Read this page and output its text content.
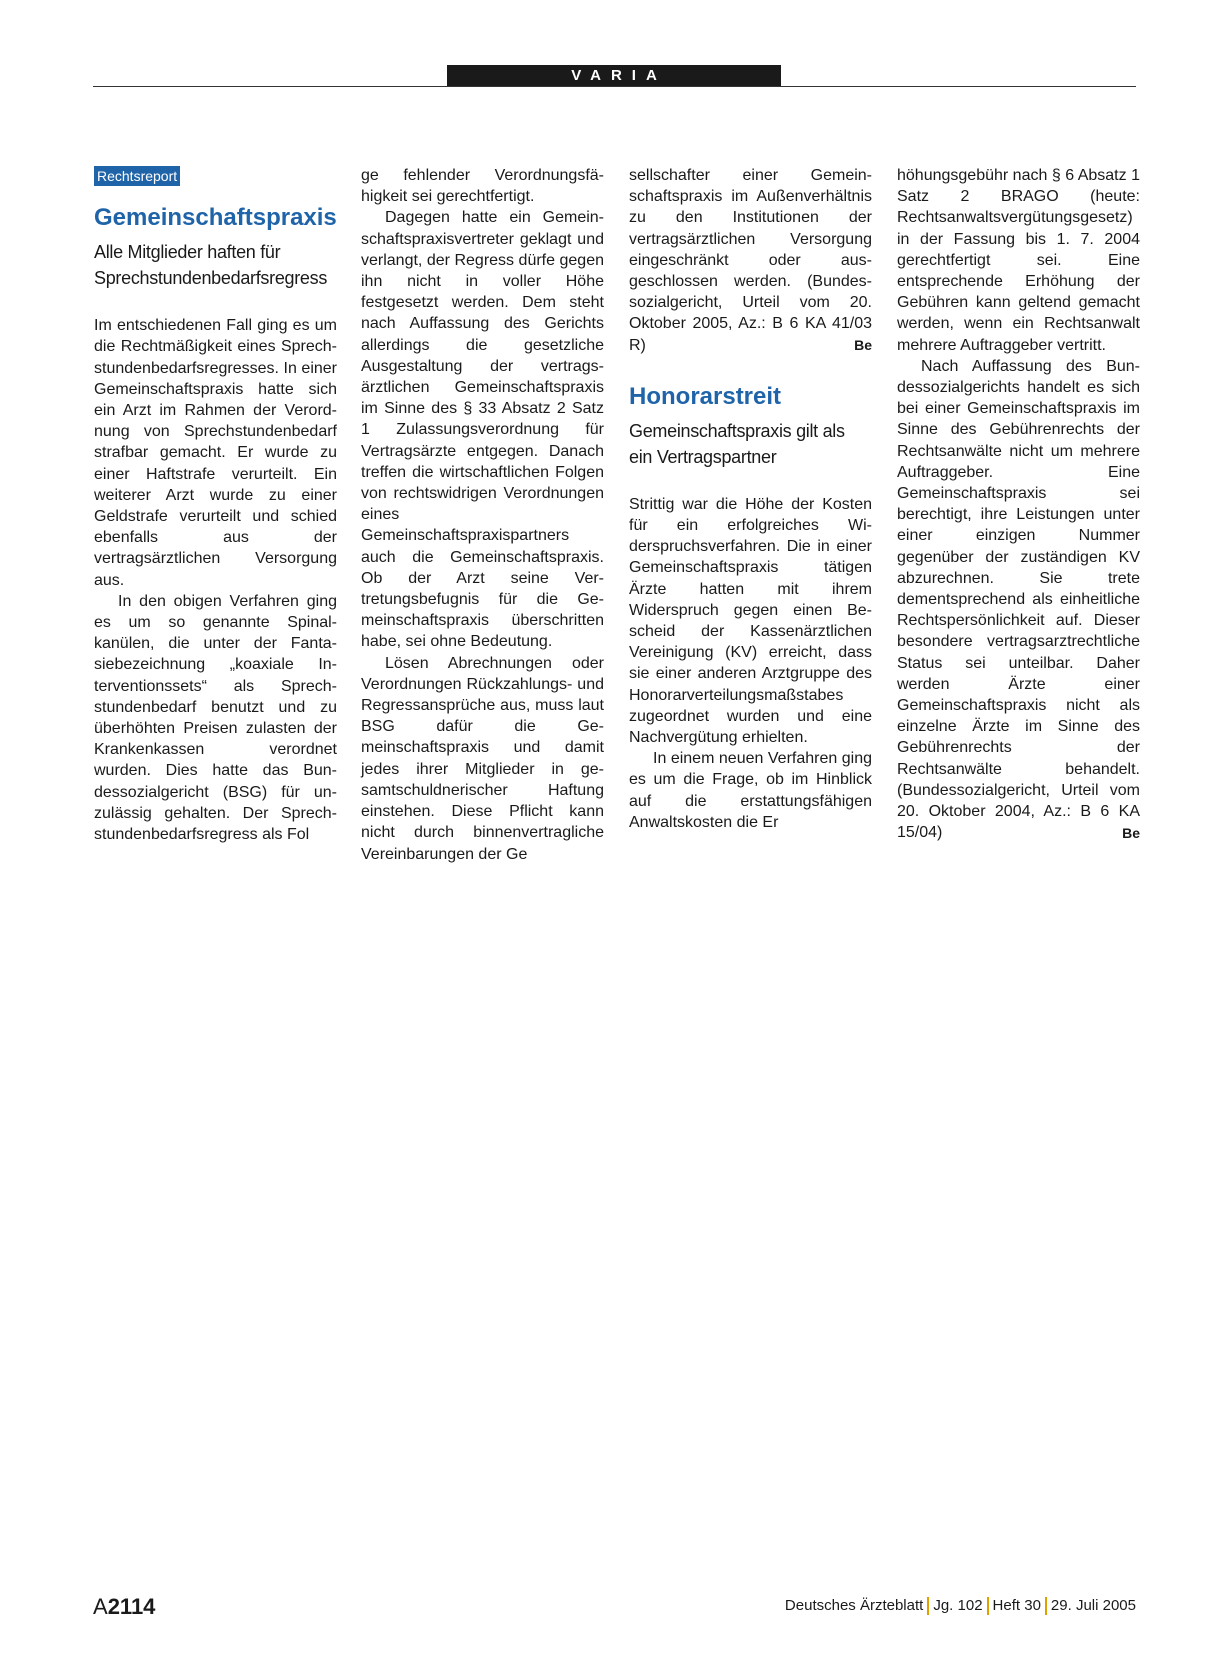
VARIA
Rechtsreport
Gemeinschaftspraxis
Alle Mitglieder haften für Sprechstundenbedarfsregress

Im entschiedenen Fall ging es um die Rechtmäßigkeit eines Sprechstundenbedarfsregresses. In einer Gemeinschaftspraxis hatte sich ein Arzt im Rahmen der Verordnung von Sprechstundenbedarf strafbar gemacht. Er wurde zu einer Haftstrafe verurteilt. Ein weiterer Arzt wurde zu einer Geldstrafe verurteilt und schied ebenfalls aus der vertragsärztlichen Versorgung aus.

In den obigen Verfahren ging es um so genannte Spinalkanülen, die unter der Fantasiebezeichnung „koaxiale Interventionssets“ als Sprechstundenbedarf benutzt und zu überhöhten Preisen zulasten der Krankenkassen verordnet wurden. Dies hatte das Bundessozialgericht (BSG) für unzulässig gehalten. Der Sprechstundenbedarfsregress als Fol

ge fehlender Verordnungsfähigkeit sei gerechtfertigt.

Dagegen hatte ein Gemeinschaftspraxisvertreter geklagt und verlangt, der Regress dürfe gegen ihn nicht in voller Höhe festgesetzt werden. Dem steht nach Auffassung des Gerichts allerdings die gesetzliche Ausgestaltung der vertragsärztlichen Gemeinschaftspraxis im Sinne des § 33 Absatz 2 Satz 1 Zulassungsverordnung für Vertragsärzte entgegen. Danach treffen die wirtschaftlichen Folgen von rechtswidrigen Verordnungen eines Gemeinschaftspraxispartners auch die Gemeinschaftspraxis. Ob der Arzt seine Vertretungsbefugnis für die Gemeinschaftspraxis überschritten habe, sei ohne Bedeutung.

Lösen Abrechnungen oder Verordnungen Rückzahlungs- und Regressansprüche aus, muss laut BSG dafür die Gemeinschaftspraxis und damit jedes ihrer Mitglieder in gesamtschuldnerischer Haftung einstehen. Diese Pflicht kann nicht durch binnenvertragliche Vereinbarungen der Ge

sellschafter einer Gemeinschaftspraxis im Außenverhältnis zu den Institutionen der vertragsärztlichen Versorgung eingeschränkt oder ausgeschlossen werden. (Bundessozialgericht, Urteil vom 20. Oktober 2005, Az.: B 6 KA 41/03 R)	Be
Honorarstreit
Gemeinschaftspraxis gilt als ein Vertragspartner

Strittig war die Höhe der Kosten für ein erfolgreiches Widerspruchsverfahren. Die in einer Gemeinschaftspraxis tätigen Ärzte hatten mit ihrem Widerspruch gegen einen Bescheid der Kassenärztlichen Vereinigung (KV) erreicht, dass sie einer anderen Arztgruppe des Honorarverteilungsmaßstabes zugeordnet wurden und eine Nachvergütung erhielten.

In einem neuen Verfahren ging es um die Frage, ob im Hinblick auf die erstattungsfähigen Anwaltskosten die Er

höhungsgebühr nach § 6 Absatz 1 Satz 2 BRAGO (heute: Rechtsanwaltsvergütungsgesetz) in der Fassung bis 1. 7. 2004 gerechtfertigt sei. Eine entsprechende Erhöhung der Gebühren kann geltend gemacht werden, wenn ein Rechtsanwalt mehrere Auftraggeber vertritt.

Nach Auffassung des Bundessozialgerichts handelt es sich bei einer Gemeinschaftspraxis im Sinne des Gebührenrechts der Rechtsanwälte nicht um mehrere Auftraggeber. Eine Gemeinschaftspraxis sei berechtigt, ihre Leistungen unter einer einzigen Nummer gegenüber der zuständigen KV abzurechnen. Sie trete dementsprechend als einheitliche Rechtspersönlichkeit auf. Dieser besondere vertragsarztrechtliche Status sei unteilbar. Daher werden Ärzte einer Gemeinschaftspraxis nicht als einzelne Ärzte im Sinne des Gebührenrechts der Rechtsanwälte behandelt. (Bundessozialgericht, Urteil vom 20. Oktober 2004, Az.: B 6 KA 15/04)	Be
A2114	Deutsches Ärzteblatt Jg. 102 Heft 30 29. Juli 2005
